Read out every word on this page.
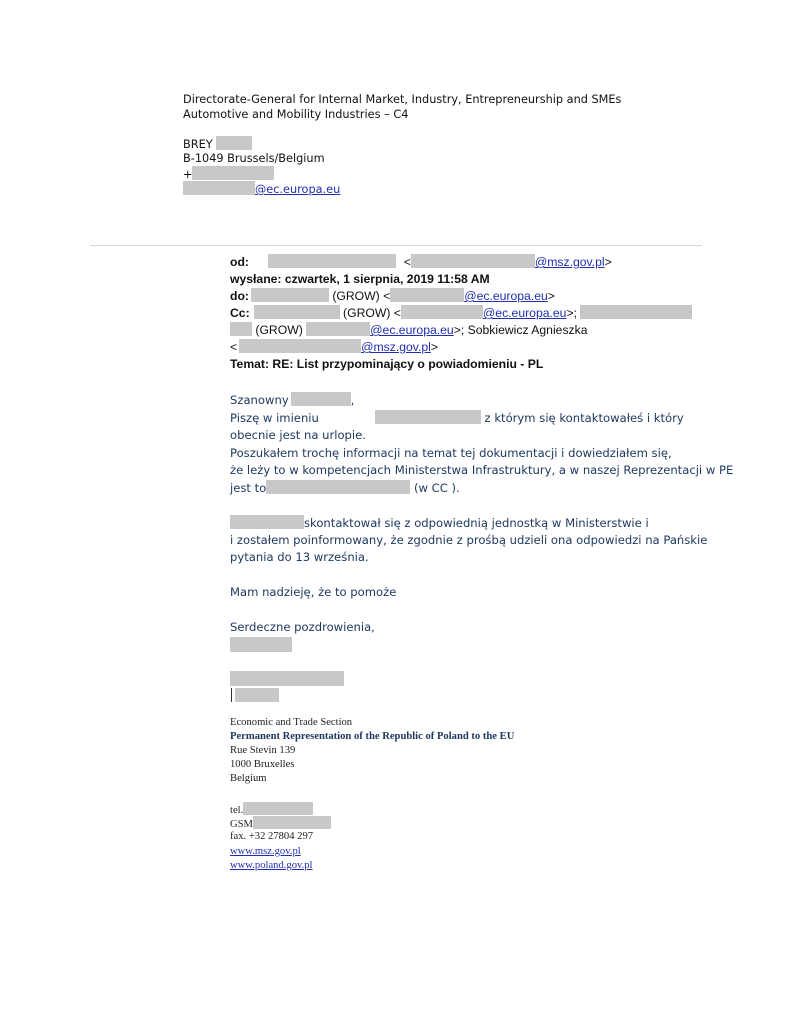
Directorate-General for Internal Market, Industry, Entrepreneurship and SMEs
Automotive and Mobility Industries – C4
BREY
B-1049 Brussels/Belgium
+
@ec.europa.eu
od:	<	@msz.gov.pl>
wysłane: czwartek, 1 sierpnia, 2019 11:58 AM
do:	(GROW) <	@ec.europa.eu>
Cc:	(GROW) <	@ec.europa.eu>;
(GROW)	@ec.europa.eu>; Sobkiewicz Agnieszka
<	@msz.gov.pl>
Temat: RE: List przypominający o powiadomieniu - PL
Szanowny	,
Piszę w imieniu	z którym się kontaktowałeś i który
obecnie jest na urlopie.
Poszukałem trochę informacji na temat tej dokumentacji i dowiedziałem się,
że leży to w kompetencjach Ministerstwa Infrastruktury, a w naszej Reprezentacji w PE
jest to	(w CC ).
skontaktował się z odpowiednią jednostką w Ministerstwie i
i zostałem poinformowany, że zgodnie z prośbą udzieli ona odpowiedzi na Pańskie
pytania do 13 września.
Mam nadzieję, że to pomoże
Serdeczne pozdrowienia,
Economic and Trade Section
Permanent Representation of the Republic of Poland to the EU
Rue Stevin 139
1000 Bruxelles
Belgium
tel.
GSM
fax. +32 27804 297
www.msz.gov.pl
www.poland.gov.pl
